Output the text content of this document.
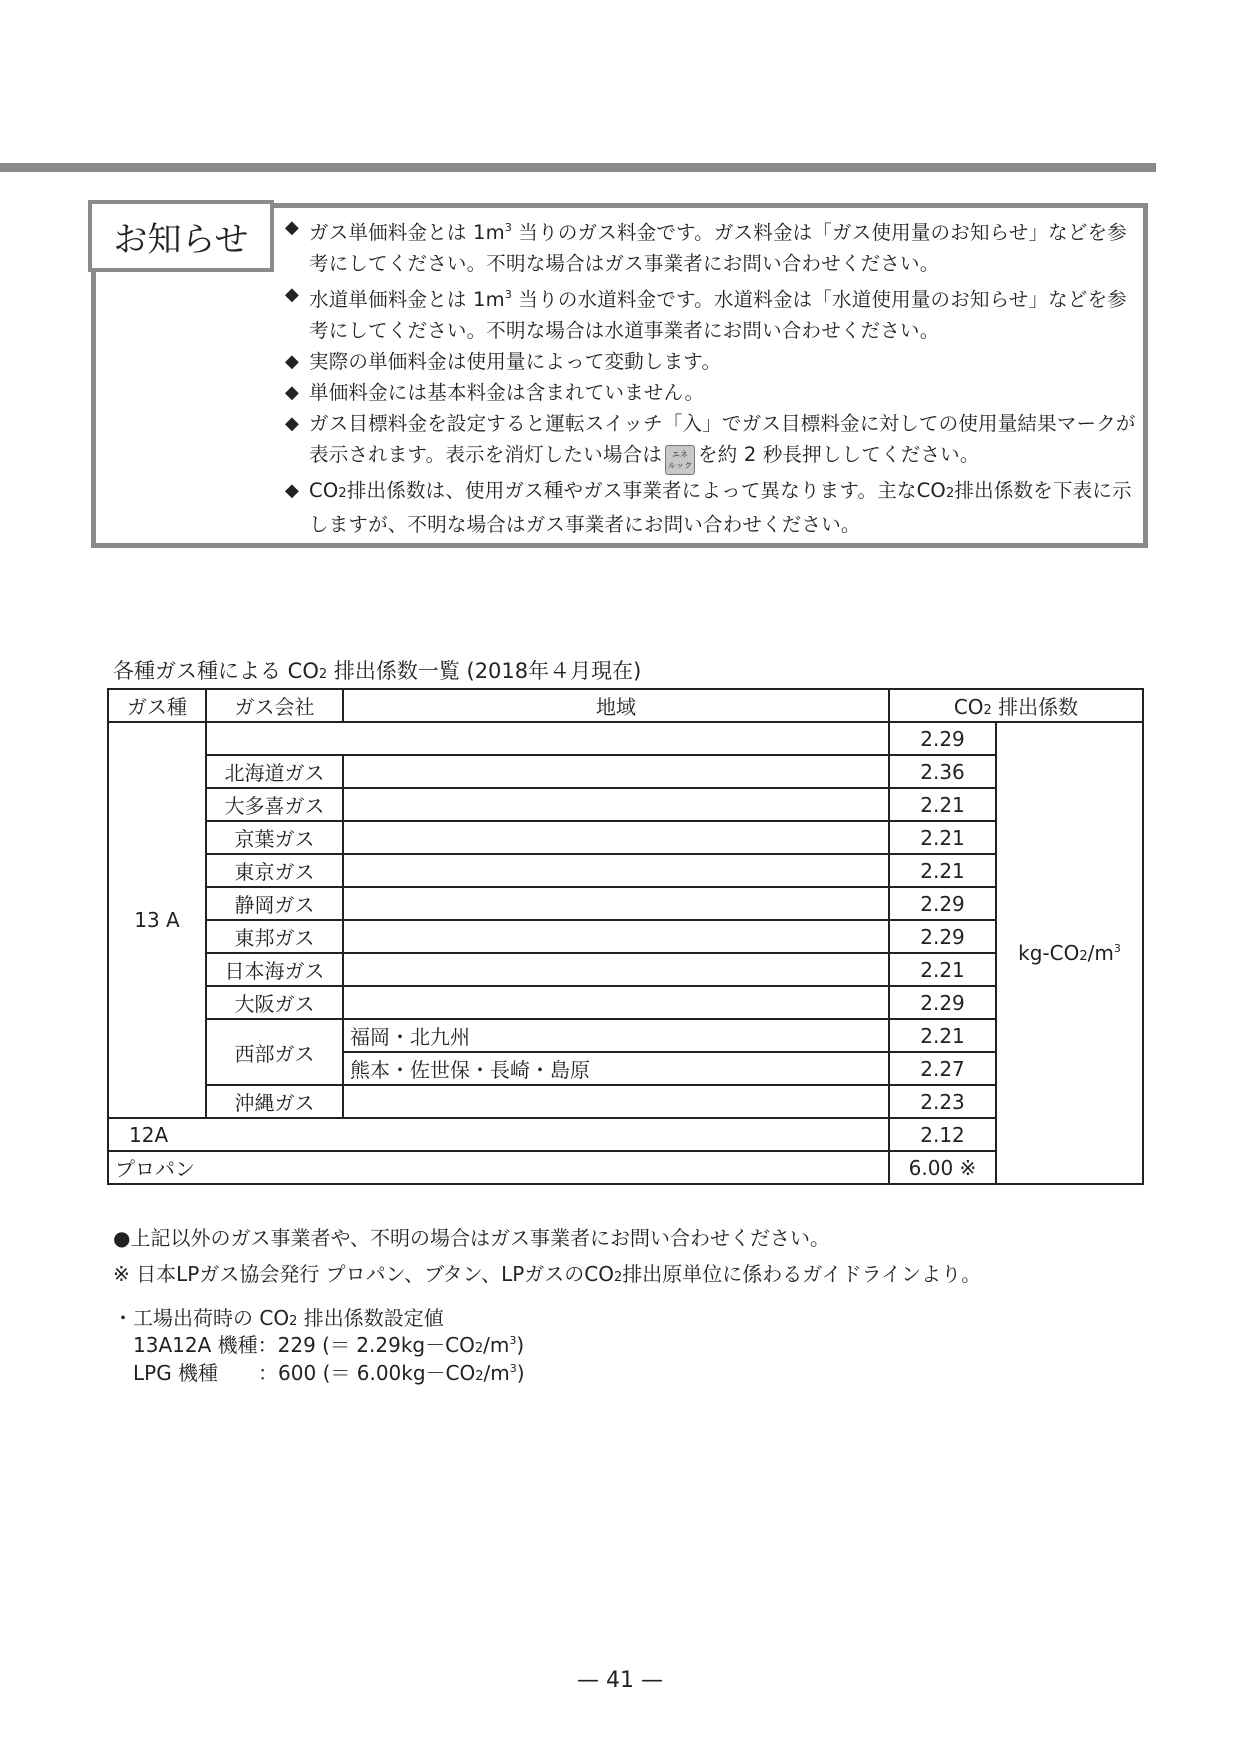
お知らせ	◆ ガス単価料金とは $1m^3$ 当りのガス料金です。ガス料金は「ガス使用量のお知らせ」などを参考にしてください。不明な場合はガス事業者にお問い合わせください。
◆ 水道単価料金とは $1m^3$ 当りの水道料金です。水道料金は「水道使用量のお知らせ」などを参考にしてください。不明な場合は水道事業者にお問い合わせください。
◆ 実際の単価料金は使用量によって変動します。
◆ 単価料金には基本料金は含まれていません。
◆ ガス目標料金を設定すると運転スイッチ「入」でガス目標料金に対しての使用量結果マークが表示されます。表示を消灯したい場合は エネ
ルック を約 2 秒長押ししてください。
◆ CO2排出係数は、使用ガス種やガス事業者によって異なります。主なCO2排出係数を下表に示しますが、不明な場合はガス事業者にお問い合わせください。
各種ガス種による CO2 排出係数一覧 (2018年４月現在)
ガス種	ガス会社	地域	CO2 排出係数	
13 A			2.29	$kg-CO2/m^3$
	北海道ガス		2.36	
	大多喜ガス		2.21	
	京葉ガス		2.21	
	東京ガス		2.21	
	静岡ガス		2.29	
	東邦ガス		2.29	
	日本海ガス		2.21	
	大阪ガス		2.29	
	西部ガス	福岡・北九州	2.21	
		熊本・佐世保・長崎・島原	2.27	
	沖縄ガス		2.23	
12A			2.12	
プロパン			6.00 ※	
●上記以外のガス事業者や、不明の場合はガス事業者にお問い合わせください。
※ 日本LPガス協会発行 プロパン、ブタン、LPガスのCO2排出原単位に係わるガイドラインより。
・工場出荷時の CO2 排出係数設定値
13A12A 機種：229 (＝ $2.29kg-CO2/m^3$)
LPG 機種　　：600 (＝ $6.00kg-CO2/m^3$)
— 41 —
